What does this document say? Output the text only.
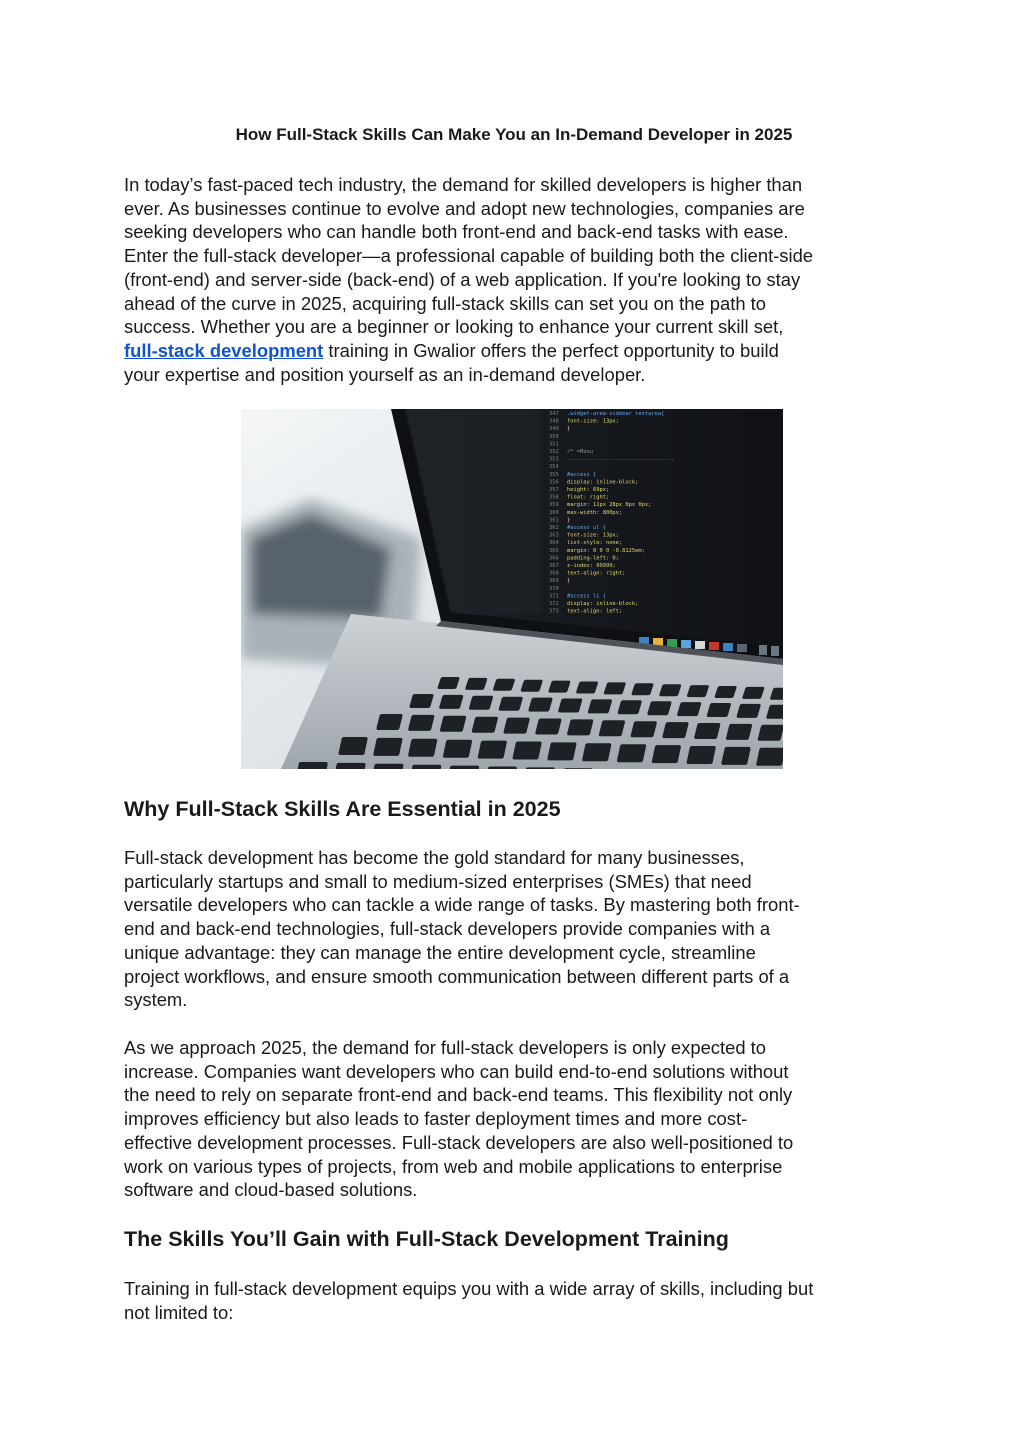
How Full-Stack Skills Can Make You an In-Demand Developer in 2025

In today’s fast-paced tech industry, the demand for skilled developers is higher than
ever. As businesses continue to evolve and adopt new technologies, companies are
seeking developers who can handle both front-end and back-end tasks with ease.
Enter the full-stack developer—a professional capable of building both the client-side
(front-end) and server-side (back-end) of a web application. If you're looking to stay
ahead of the curve in 2025, acquiring full-stack skills can set you on the path to
success. Whether you are a beginner or looking to enhance your current skill set,
full-stack development training in Gwalior offers the perfect opportunity to build
your expertise and position yourself as an in-demand developer.

347 .widget-area-sidebar textarea{
348 font-size: 13px;
349 }
350
351
352 /* =Menu
353 ---------------------------------
354
355 #access {
356 display: inline-block;
357 height: 69px;
358 float: right;
359 margin: 11px 28px 0px 0px;
360 max-width: 800px;
361 }
362 #access ul {
363 font-size: 13px;
364 list-style: none;
365 margin: 0 0 0 -0.8125em;
366 padding-left: 0;
367 z-index: 99999;
368 text-align: right;
369 }
370
371 #access li {
372 display: inline-block;
373 text-align: left;
Why Full-Stack Skills Are Essential in 2025

Full-stack development has become the gold standard for many businesses,
particularly startups and small to medium-sized enterprises (SMEs) that need
versatile developers who can tackle a wide range of tasks. By mastering both front-
end and back-end technologies, full-stack developers provide companies with a
unique advantage: they can manage the entire development cycle, streamline
project workflows, and ensure smooth communication between different parts of a
system.

As we approach 2025, the demand for full-stack developers is only expected to
increase. Companies want developers who can build end-to-end solutions without
the need to rely on separate front-end and back-end teams. This flexibility not only
improves efficiency but also leads to faster deployment times and more cost-
effective development processes. Full-stack developers are also well-positioned to
work on various types of projects, from web and mobile applications to enterprise
software and cloud-based solutions.

The Skills You’ll Gain with Full-Stack Development Training

Training in full-stack development equips you with a wide array of skills, including but
not limited to:
